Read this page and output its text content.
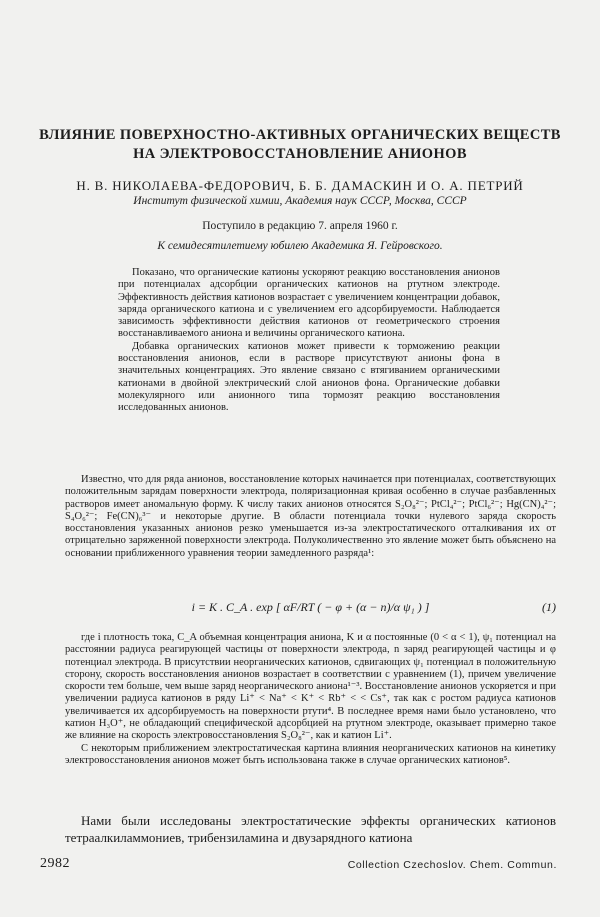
ВЛИЯНИЕ ПОВЕРХНОСТНО-АКТИВНЫХ ОРГАНИЧЕСКИХ ВЕЩЕСТВ
НА ЭЛЕКТРОВОССТАНОВЛЕНИЕ АНИОНОВ
Н. В. НИКОЛАЕВА-ФЕДОРОВИЧ, Б. Б. ДАМАСКИН И О. А. ПЕТРИЙ
Институт физической химии, Академия наук СССР, Москва, СССР
Поступило в редакцию 7. апреля 1960 г.
К семидесятилетиему юбилею Академика Я. Гейровского.

Показано, что органические катионы ускоряют реакцию восстановления анионов при потенциалах адсорбции органических катионов на ртутном электроде. Эффективность действия катионов возрастает с увеличением концентрации добавок, заряда органического катиона и с увеличением его адсорбируемости. Наблюдается зависимость эффективности действия катионов от геометрического строения восстанавливаемого аниона и величины органического катиона.

Добавка органических катионов может привести к торможению реакции восстановления анионов, если в растворе присутствуют анионы фона в значительных концентрациях. Это явление связано с втягиванием органическими катионами в двойной электрический слой анионов фона. Органические добавки молекулярного или анионного типа тормозят реакцию восстановления исследованных анионов.

Известно, что для ряда анионов, восстановление которых начинается при потенциалах, соответствующих положительным зарядам поверхности электрода, поляризационная кривая особенно в случае разбавленных растворов имеет аномальную форму. К числу таких анионов относятся S₂O₈²⁻; PtCl₄²⁻; PtCl₆²⁻; Hg(CN)₄²⁻; S₄O₆²⁻; Fe(CN)₆³⁻ и некоторые другие. В области потенциала точки нулевого заряда скорость восстановления указанных анионов резко уменьшается из-за электростатического отталкивания их от отрицательно заряженной поверхности электрода. Полуколичественно это явление может быть объяснено на основании приближенного уравнения теории замедленного разряда¹:

i = K . C_A . exp [ αF/RT ( − φ + (α − n)/α ψ₁ ) ]	(1)

где i плотность тока, C_A объемная концентрация аниона, K и α постоянные (0 < α < 1), ψ₁ потенциал на расстоянии радиуса реагирующей частицы от поверхности электрода, n заряд реагирующей частицы и φ потенциал электрода. В присутствии неорганических катионов, сдвигающих ψ₁ потенциал в положительную сторону, скорость восстановления анионов возрастает в соответствии с уравнением (1), причем увеличение скорости тем больше, чем выше заряд неорганического аниона¹⁻³. Восстановление анионов ускоряется и при увеличении радиуса катионов в ряду Li⁺ < Na⁺ < K⁺ < Rb⁺ < < Cs⁺, так как с ростом радиуса катионов увеличивается их адсорбируемость на поверхности ртути⁴. В последнее время нами было установлено, что катион H₃O⁺, не обладающий специфической адсорбцией на ртутном электроде, оказывает примерно такое же влияние на скорость электровосстановления S₂O₈²⁻, как и катион Li⁺.

С некоторым приближением электростатическая картина влияния неорганических катионов на кинетику электровосстановления анионов может быть использована также в случае органических катионов⁵.

Нами были исследованы электростатические эффекты органических катионов тетраалкиламмониев, трибензиламина и двузарядного катиона

2982	Collection Czechoslov. Chem. Commun.
